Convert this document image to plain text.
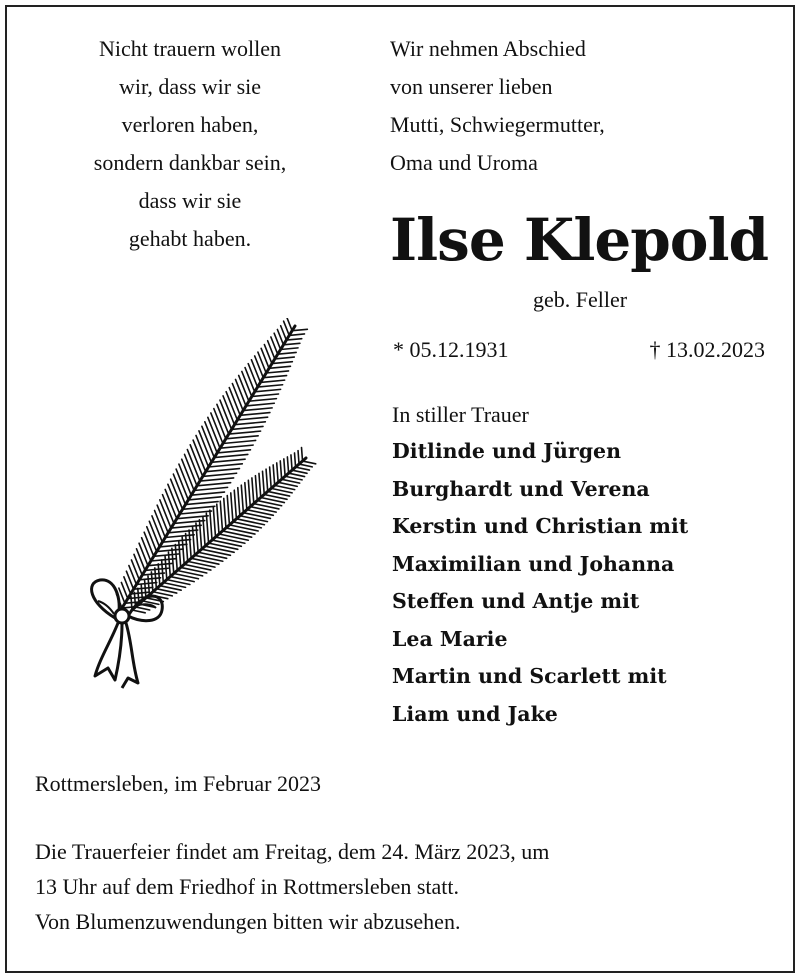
Nicht trauern wollen
wir, dass wir sie
verloren haben,
sondern dankbar sein,
dass wir sie
gehabt haben.
Wir nehmen Abschied
von unserer lieben
Mutti, Schwiegermutter,
Oma und Uroma
Ilse Klepold
geb. Feller
* 05.12.1931	† 13.02.2023
In stiller Trauer
Ditlinde und Jürgen
Burghardt und Verena
Kerstin und Christian mit
Maximilian und Johanna
Steffen und Antje mit
Lea Marie
Martin und Scarlett mit
Liam und Jake
Rottmersleben, im Februar 2023
Die Trauerfeier findet am Freitag, dem 24. März 2023, um
13 Uhr auf dem Friedhof in Rottmersleben statt.
Von Blumenzuwendungen bitten wir abzusehen.
